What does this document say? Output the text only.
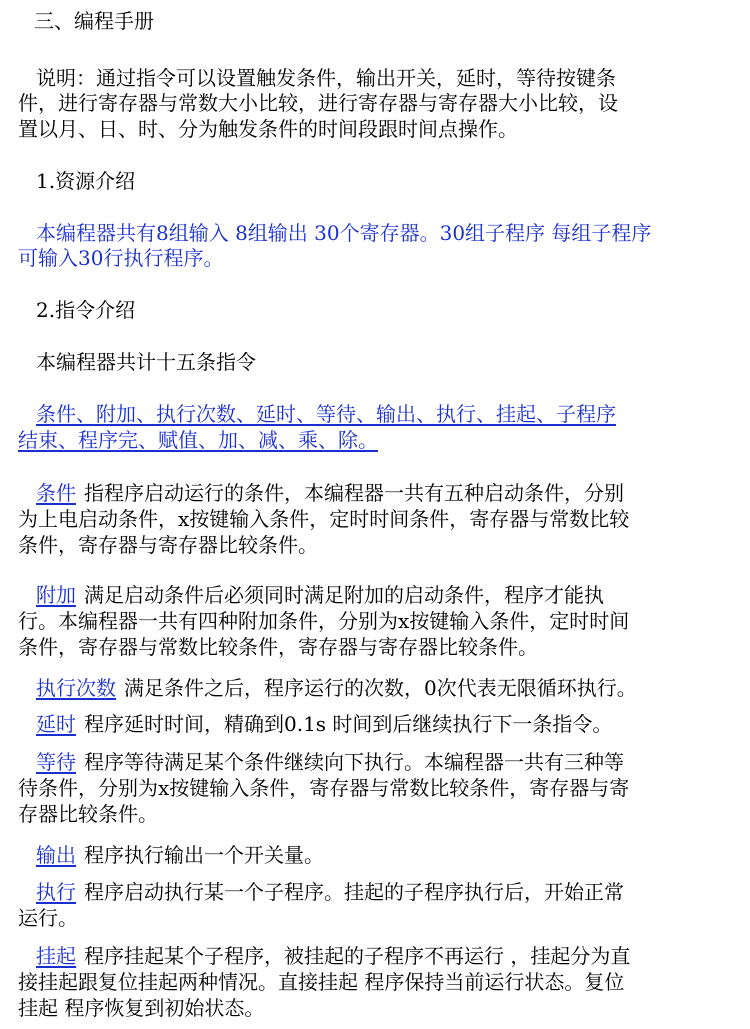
三、编程手册
说明：通过指令可以设置触发条件，输出开关，延时，等待按键条
件，进行寄存器与常数大小比较，进行寄存器与寄存器大小比较，设
置以月、日、时、分为触发条件的时间段跟时间点操作。
1.资源介绍
本编程器共有8组输入 8组输出 30个寄存器。30组子程序 每组子程序
可输入30行执行程序。
2.指令介绍
本编程器共计十五条指令
条件、附加、执行次数、延时、等待、输出、执行、挂起、子程序
结束、程序完、赋值、加、减、乘、除。
条件 指程序启动运行的条件，本编程器一共有五种启动条件，分别
为上电启动条件，x按键输入条件，定时时间条件，寄存器与常数比较
条件，寄存器与寄存器比较条件。
附加 满足启动条件后必须同时满足附加的启动条件，程序才能执
行。本编程器一共有四种附加条件，分别为x按键输入条件，定时时间
条件，寄存器与常数比较条件，寄存器与寄存器比较条件。
执行次数 满足条件之后，程序运行的次数，0次代表无限循环执行。
延时 程序延时时间，精确到0.1s 时间到后继续执行下一条指令。
等待 程序等待满足某个条件继续向下执行。本编程器一共有三种等
待条件，分别为x按键输入条件，寄存器与常数比较条件，寄存器与寄
存器比较条件。
输出 程序执行输出一个开关量。
执行 程序启动执行某一个子程序。挂起的子程序执行后，开始正常
运行。
挂起 程序挂起某个子程序，被挂起的子程序不再运行 ，挂起分为直
接挂起跟复位挂起两种情况。直接挂起 程序保持当前运行状态。复位
挂起 程序恢复到初始状态。
